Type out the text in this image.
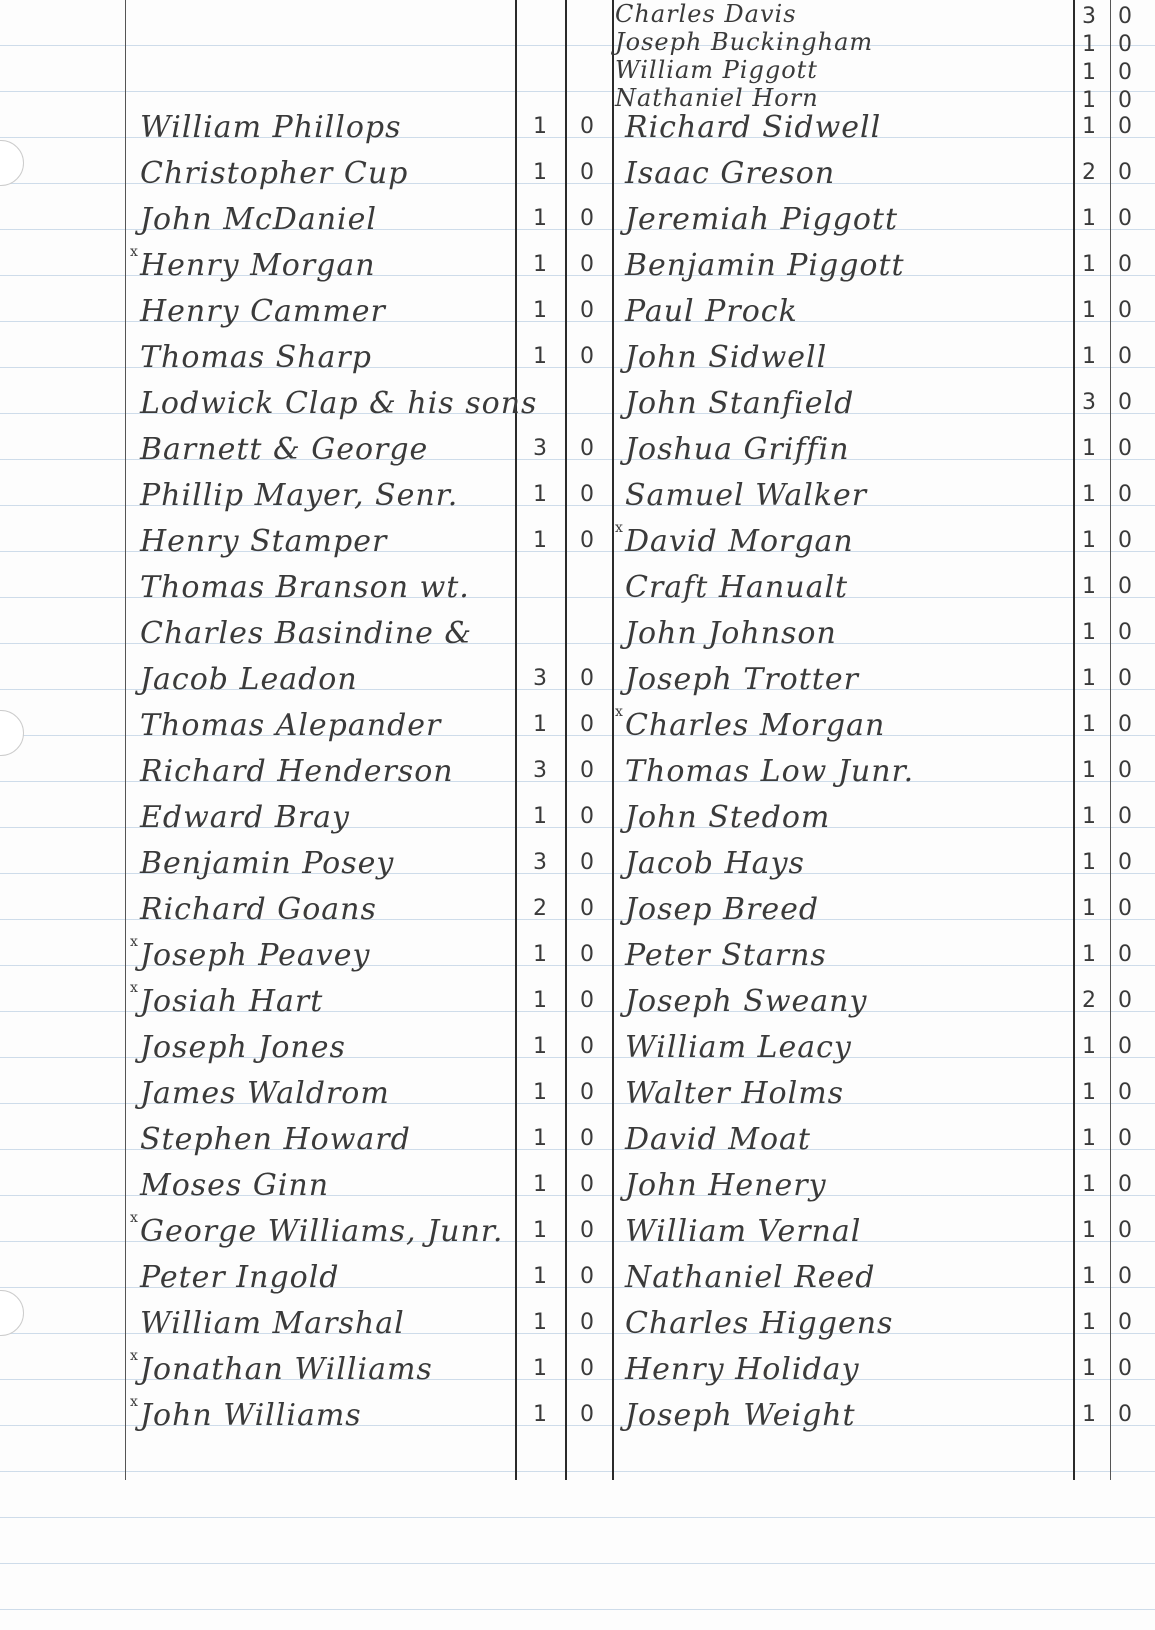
William Phillops	1 0
Christopher Cup	1 0
John McDaniel	1 0
x Henry Morgan	1 0
Henry Cammer	1 0
Thomas Sharp	1 0
Lodwick Clap & his sons
Barnett & George	3 0
Phillip Mayer, Senr.	1 0
Henry Stamper	1 0
Thomas Branson wt.
Charles Basindine &
Jacob Leadon	3 0
Thomas Alepander	1 0
Richard Henderson	3 0
Edward Bray	1 0
Benjamin Posey	3 0
Richard Goans	2 0
x Joseph Peavey	1 0
x Josiah Hart	1 0
Joseph Jones	1 0
James Waldrom	1 0
Stephen Howard	1 0
Moses Ginn	1 0
x George Williams, Junr. 1 0
Peter Ingold	1 0
William Marshal	1 0
x Jonathan Williams	1 0
x John Williams	1 0
Charles Davis	3 0
Joseph Buckingham	1 0
William Piggott	1 0
Nathaniel Horn	1 0
Richard Sidwell	1 0
Isaac Greson	2 0
Jeremiah Piggott	1 0
Benjamin Piggott	1 0
Paul Prock	1 0
John Sidwell	1 0
John Stanfield	3 0
Joshua Griffin	1 0
Samuel Walker	1 0
x David Morgan	1 0
Craft Hanualt	1 0
John Johnson	1 0
Joseph Trotter	1 0
x Charles Morgan	1 0
Thomas Low Junr.	1 0
John Stedom	1 0
Jacob Hays	1 0
Josep Breed	1 0
Peter Starns	1 0
Joseph Sweany	2 0
William Leacy	1 0
Walter Holms	1 0
David Moat	1 0
John Henery	1 0
William Vernal	1 0
Nathaniel Reed	1 0
Charles Higgens	1 0
Henry Holiday	1 0
Joseph Weight	1 0
